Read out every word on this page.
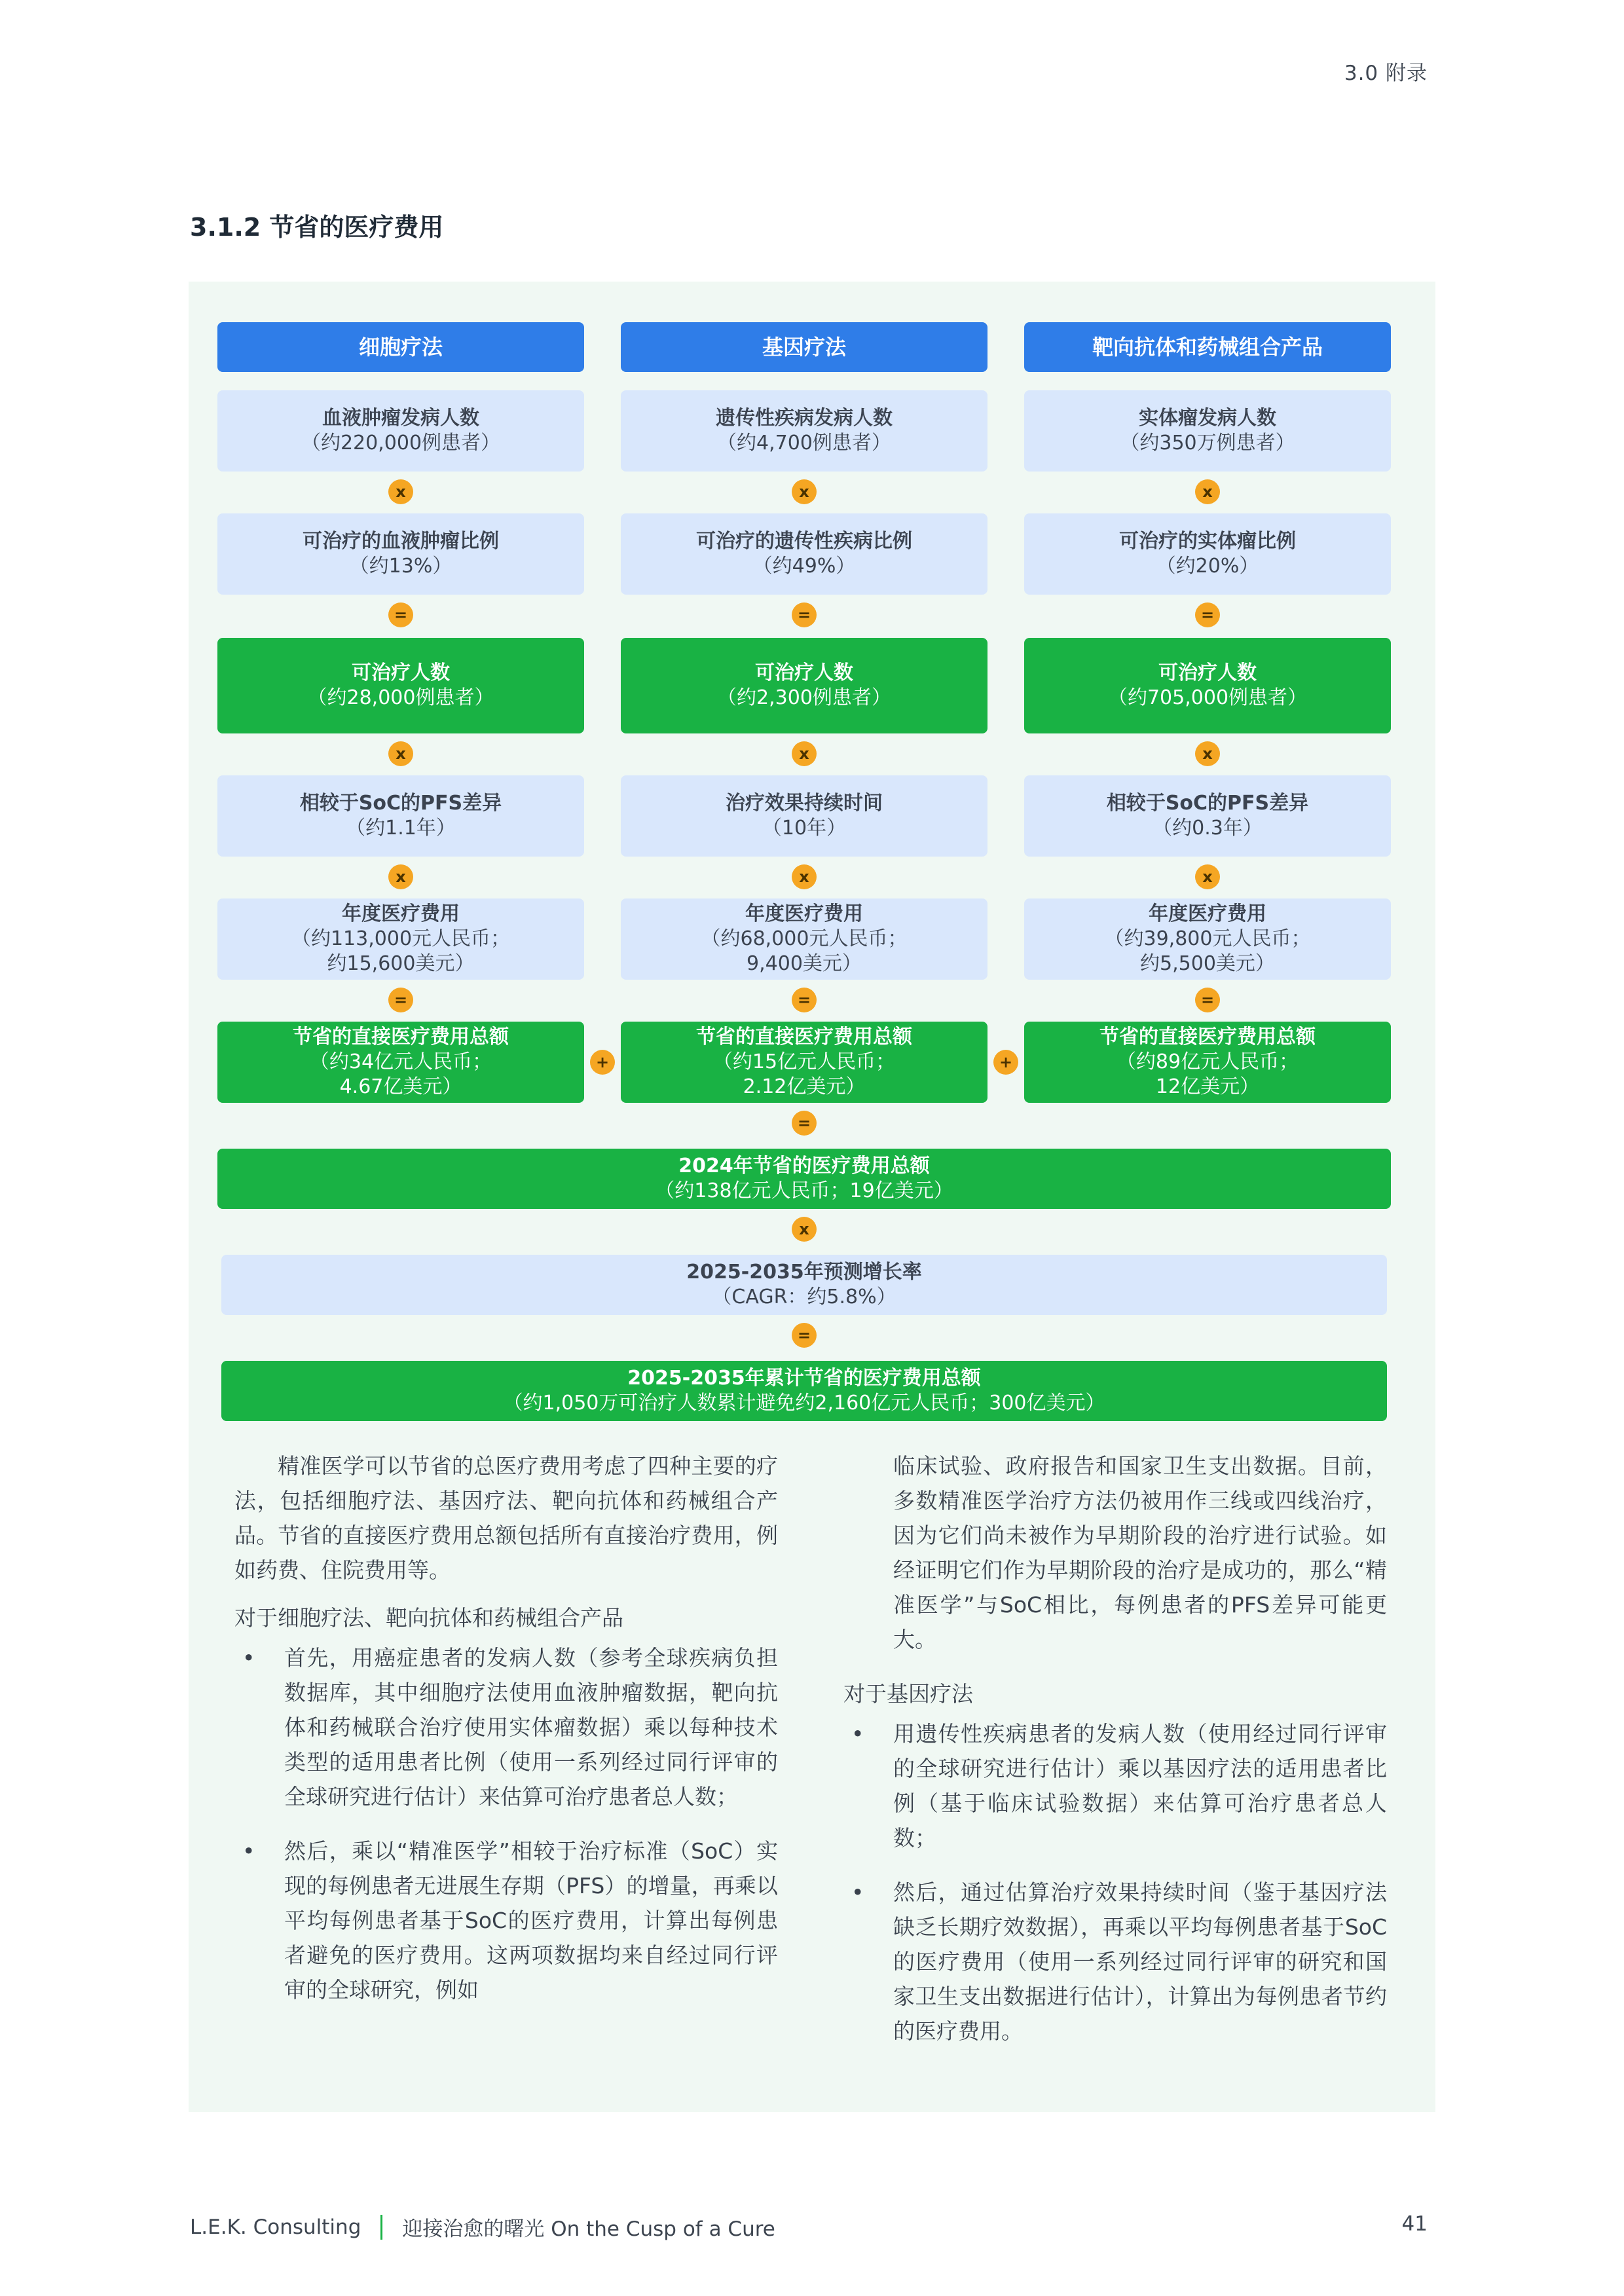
3.0 附录
3.1.2 节省的医疗费用
细胞疗法
血液肿瘤发病人数
（约220,000例患者）
x
可治疗的血液肿瘤比例
（约13%）
=
可治疗人数
（约28,000例患者）
x
相较于SoC的PFS差异
（约1.1年）
x
年度医疗费用
（约113,000元人民币；
约15,600美元）
=
节省的直接医疗费用总额
（约34亿元人民币；
4.67亿美元）
+	+
基因疗法
遗传性疾病发病人数
（约4,700例患者）
x
可治疗的遗传性疾病比例
（约49%）
=
可治疗人数
（约2,300例患者）
x
治疗效果持续时间
（10年）
x
年度医疗费用
（约68,000元人民币；
9,400美元）
=
节省的直接医疗费用总额
（约15亿元人民币；
2.12亿美元）
靶向抗体和药械组合产品
实体瘤发病人数
（约350万例患者）
x
可治疗的实体瘤比例
（约20%）
=
可治疗人数
（约705,000例患者）
x
相较于SoC的PFS差异
（约0.3年）
x
年度医疗费用
（约39,800元人民币；
约5,500美元）
=
节省的直接医疗费用总额
（约89亿元人民币；
12亿美元）
=
2024年节省的医疗费用总额
（约138亿元人民币；19亿美元）
x
2025-2035年预测增长率
（CAGR：约5.8%）
=
2025-2035年累计节省的医疗费用总额
（约1,050万可治疗人数累计避免约2,160亿元人民币；300亿美元）

精准医学可以节省的总医疗费用考虑了四种主要的疗法，包括细胞疗法、基因疗法、靶向抗体和药械组合产品。节省的直接医疗费用总额包括所有直接治疗费用，例如药费、住院费用等。

对于细胞疗法、靶向抗体和药械组合产品

•	首先，用癌症患者的发病人数（参考全球疾病负担数据库，其中细胞疗法使用血液肿瘤数据，靶向抗体和药械联合治疗使用实体瘤数据）乘以每种技术类型的适用患者比例（使用一系列经过同行评审的全球研究进行估计）来估算可治疗患者总人数；
•	然后，乘以“精准医学”相较于治疗标准（SoC）实现的每例患者无进展生存期（PFS）的增量，再乘以平均每例患者基于SoC的医疗费用，计算出每例患者避免的医疗费用。这两项数据均来自经过同行评审的全球研究，例如
临床试验、政府报告和国家卫生支出数据。目前，多数精准医学治疗方法仍被用作三线或四线治疗，因为它们尚未被作为早期阶段的治疗进行试验。如经证明它们作为早期阶段的治疗是成功的，那么“精准医学”与SoC相比，每例患者的PFS差异可能更大。

对于基因疗法

•	用遗传性疾病患者的发病人数（使用经过同行评审的全球研究进行估计）乘以基因疗法的适用患者比例（基于临床试验数据）来估算可治疗患者总人数；
•	然后，通过估算治疗效果持续时间（鉴于基因疗法缺乏长期疗效数据），再乘以平均每例患者基于SoC的医疗费用（使用一系列经过同行评审的研究和国家卫生支出数据进行估计），计算出为每例患者节约的医疗费用。
L.E.K. Consulting 迎接治愈的曙光 On the Cusp of a Cure	41
